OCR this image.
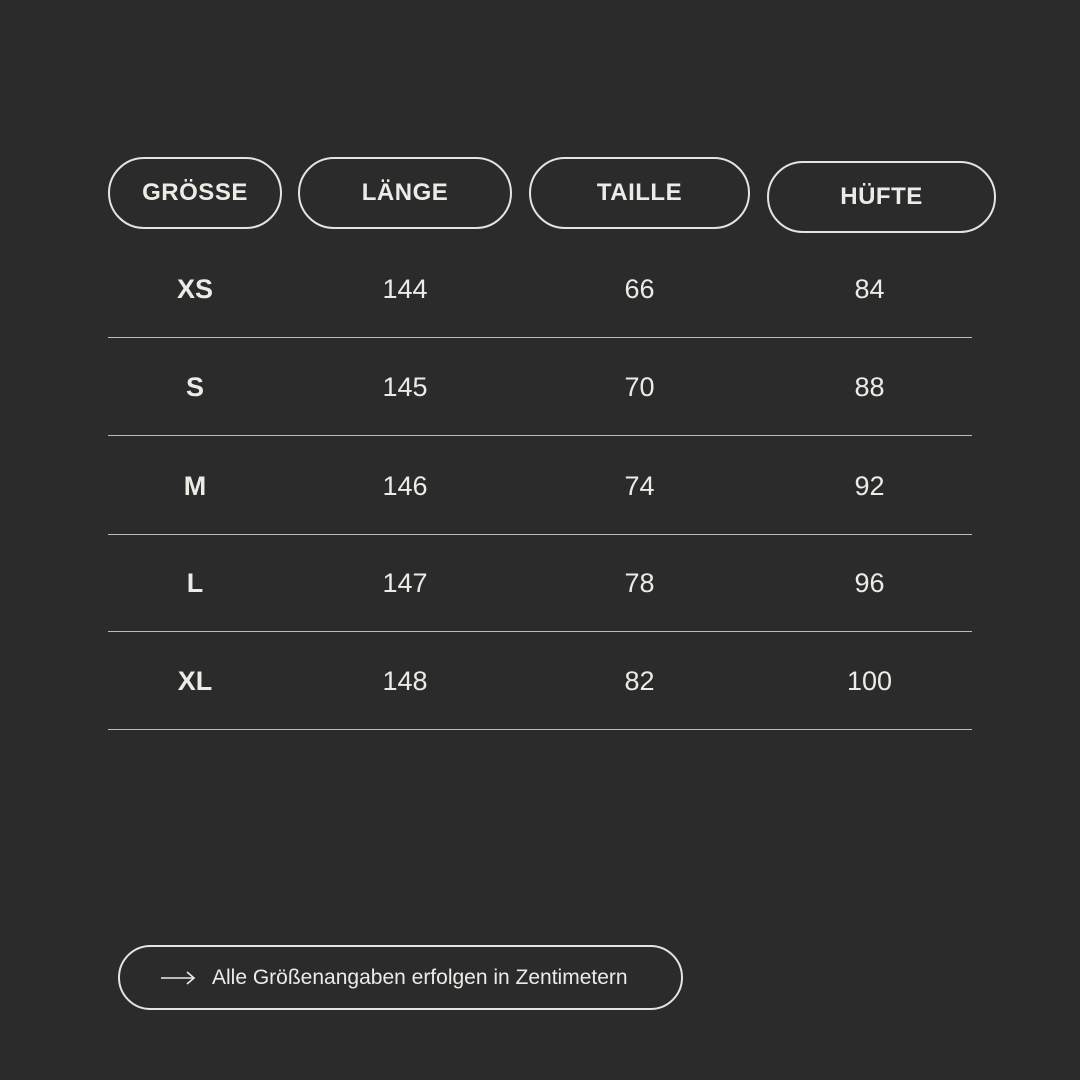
GRÖSSE	LÄNGE	TAILLE	HÜFTE
XS	144	66	84
S	145	70	88
M	146	74	92
L	147	78	96
XL	148	82	100
Alle Größenangaben erfolgen in Zentimetern
